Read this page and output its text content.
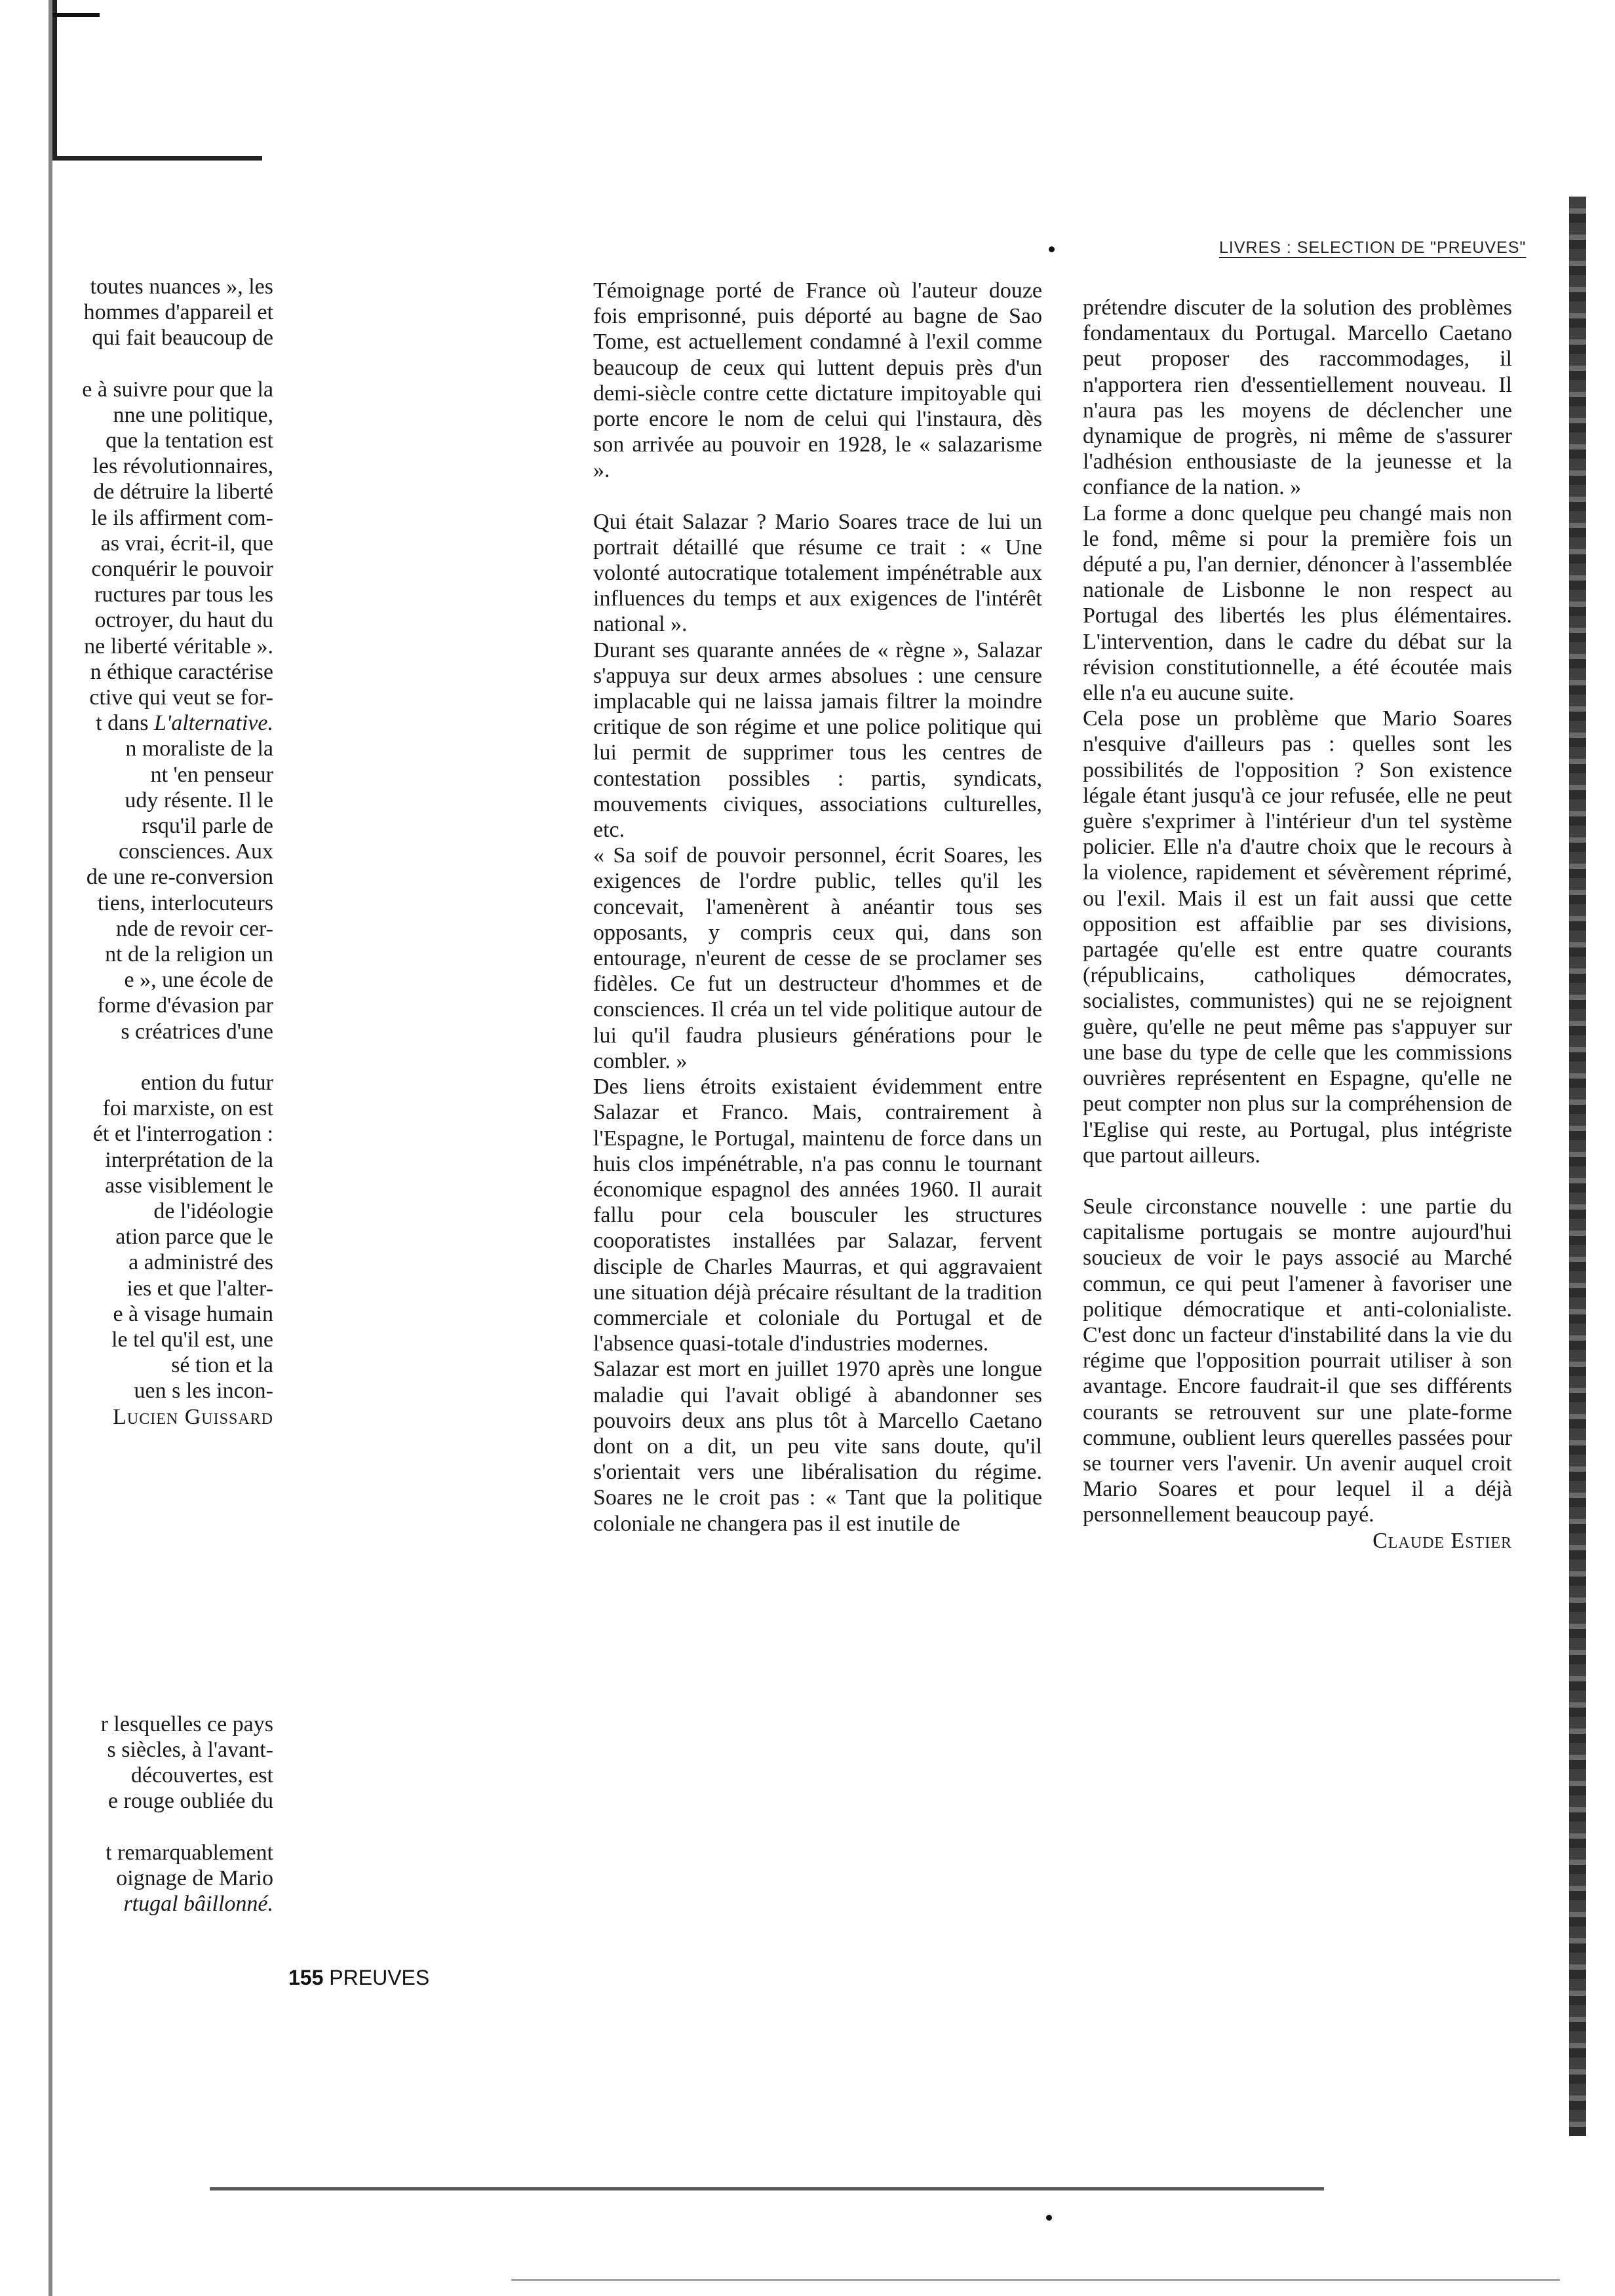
LIVRES : SELECTION DE "PREUVES"

toutes nuances », les

hommes d'appareil et

qui fait beaucoup de

e à suivre pour que la

nne une politique,

que la tentation est

les révolutionnaires,

de détruire la liberté

le ils affirment com-

as vrai, écrit-il, que

conquérir le pouvoir

ructures par tous les

octroyer, du haut du

ne liberté véritable ».

n éthique caractérise

ctive qui veut se for-

t dans L'alternative.

n moraliste de la

nt 'en penseur

udy résente. Il le

rsqu'il parle de

consciences. Aux

de une re-conversion

tiens, interlocuteurs

nde de revoir cer-

nt de la religion un

e », une école de

forme d'évasion par

s créatrices d'une

ention du futur

foi marxiste, on est

ét et l'interrogation :

interprétation de la

asse visiblement le

de l'idéologie

ation parce que le

a administré des

ies et que l'alter-

e à visage humain

le tel qu'il est, une

sé tion et la

uen s les incon-

Lucien Guissard

r lesquelles ce pays

s siècles, à l'avant-

découvertes, est

e rouge oubliée du

t remarquablement

oignage de Mario

rtugal bâillonné.

155 PREUVES

Témoignage porté de France où l'auteur douze fois emprisonné, puis déporté au bagne de Sao Tome, est actuellement condamné à l'exil comme beaucoup de ceux qui luttent depuis près d'un demi-siècle contre cette dictature impitoyable qui porte encore le nom de celui qui l'instaura, dès son arrivée au pouvoir en 1928, le « salazarisme ».

Qui était Salazar ? Mario Soares trace de lui un portrait détaillé que résume ce trait : « Une volonté autocratique totalement impénétrable aux influences du temps et aux exigences de l'intérêt national ».

Durant ses quarante années de « règne », Salazar s'appuya sur deux armes absolues : une censure implacable qui ne laissa jamais filtrer la moindre critique de son régime et une police politique qui lui permit de supprimer tous les centres de contestation possibles : partis, syndicats, mouvements civiques, associations culturelles, etc.

« Sa soif de pouvoir personnel, écrit Soares, les exigences de l'ordre public, telles qu'il les concevait, l'amenèrent à anéantir tous ses opposants, y compris ceux qui, dans son entourage, n'eurent de cesse de se proclamer ses fidèles. Ce fut un destructeur d'hommes et de consciences. Il créa un tel vide politique autour de lui qu'il faudra plusieurs générations pour le combler. »

Des liens étroits existaient évidemment entre Salazar et Franco. Mais, contrairement à l'Espagne, le Portugal, maintenu de force dans un huis clos impénétrable, n'a pas connu le tournant économique espagnol des années 1960. Il aurait fallu pour cela bousculer les structures cooporatistes installées par Salazar, fervent disciple de Charles Maurras, et qui aggravaient une situation déjà précaire résultant de la tradition commerciale et coloniale du Portugal et de l'absence quasi-totale d'industries modernes.

Salazar est mort en juillet 1970 après une longue maladie qui l'avait obligé à abandonner ses pouvoirs deux ans plus tôt à Marcello Caetano dont on a dit, un peu vite sans doute, qu'il s'orientait vers une libéralisation du régime. Soares ne le croit pas : « Tant que la politique coloniale ne changera pas il est inutile de

prétendre discuter de la solution des problèmes fondamentaux du Portugal. Marcello Caetano peut proposer des raccommodages, il n'apportera rien d'essentiellement nouveau. Il n'aura pas les moyens de déclencher une dynamique de progrès, ni même de s'assurer l'adhésion enthousiaste de la jeunesse et la confiance de la nation. »

La forme a donc quelque peu changé mais non le fond, même si pour la première fois un député a pu, l'an dernier, dénoncer à l'assemblée nationale de Lisbonne le non respect au Portugal des libertés les plus élémentaires. L'intervention, dans le cadre du débat sur la révision constitutionnelle, a été écoutée mais elle n'a eu aucune suite.

Cela pose un problème que Mario Soares n'esquive d'ailleurs pas : quelles sont les possibilités de l'opposition ? Son existence légale étant jusqu'à ce jour refusée, elle ne peut guère s'exprimer à l'intérieur d'un tel système policier. Elle n'a d'autre choix que le recours à la violence, rapidement et sévèrement réprimé, ou l'exil. Mais il est un fait aussi que cette opposition est affaiblie par ses divisions, partagée qu'elle est entre quatre courants (républicains, catholiques démocrates, socialistes, communistes) qui ne se rejoignent guère, qu'elle ne peut même pas s'appuyer sur une base du type de celle que les commissions ouvrières représentent en Espagne, qu'elle ne peut compter non plus sur la compréhension de l'Eglise qui reste, au Portugal, plus intégriste que partout ailleurs.

Seule circonstance nouvelle : une partie du capitalisme portugais se montre aujourd'hui soucieux de voir le pays associé au Marché commun, ce qui peut l'amener à favoriser une politique démocratique et anti-colonialiste. C'est donc un facteur d'instabilité dans la vie du régime que l'opposition pourrait utiliser à son avantage. Encore faudrait-il que ses différents courants se retrouvent sur une plate-forme commune, oublient leurs querelles passées pour se tourner vers l'avenir. Un avenir auquel croit Mario Soares et pour lequel il a déjà personnellement beaucoup payé.

Claude Estier
